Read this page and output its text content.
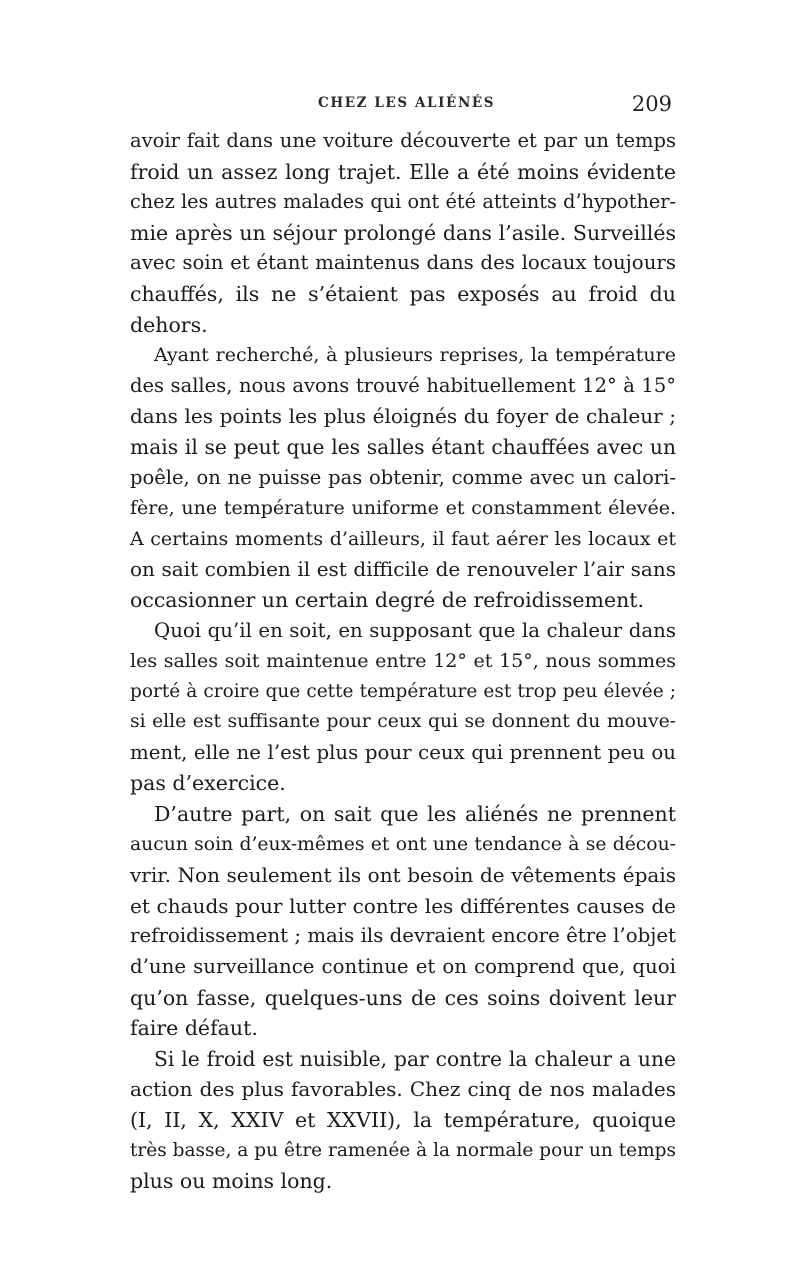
CHEZ LES ALIÉNÉS	209
avoir fait dans une voiture découverte et par un temps
froid un assez long trajet. Elle a été moins évidente
chez les autres malades qui ont été atteints d’hypother-
mie après un séjour prolongé dans l’asile. Surveillés
avec soin et étant maintenus dans des locaux toujours
chauffés, ils ne s’étaient pas exposés au froid du
dehors.
Ayant recherché, à plusieurs reprises, la température
des salles, nous avons trouvé habituellement 12° à 15°
dans les points les plus éloignés du foyer de chaleur ;
mais il se peut que les salles étant chauffées avec un
poêle, on ne puisse pas obtenir, comme avec un calori-
fère, une température uniforme et constamment élevée.
A certains moments d’ailleurs, il faut aérer les locaux et
on sait combien il est difficile de renouveler l’air sans
occasionner un certain degré de refroidissement.
Quoi qu’il en soit, en supposant que la chaleur dans
les salles soit maintenue entre 12° et 15°, nous sommes
porté à croire que cette température est trop peu élevée ;
si elle est suffisante pour ceux qui se donnent du mouve-
ment, elle ne l’est plus pour ceux qui prennent peu ou
pas d’exercice.
D’autre part, on sait que les aliénés ne prennent
aucun soin d’eux-mêmes et ont une tendance à se décou-
vrir. Non seulement ils ont besoin de vêtements épais
et chauds pour lutter contre les différentes causes de
refroidissement ; mais ils devraient encore être l’objet
d’une surveillance continue et on comprend que, quoi
qu’on fasse, quelques-uns de ces soins doivent leur
faire défaut.
Si le froid est nuisible, par contre la chaleur a une
action des plus favorables. Chez cinq de nos malades
(I, II, X, XXIV et XXVII), la température, quoique
très basse, a pu être ramenée à la normale pour un temps
plus ou moins long.
